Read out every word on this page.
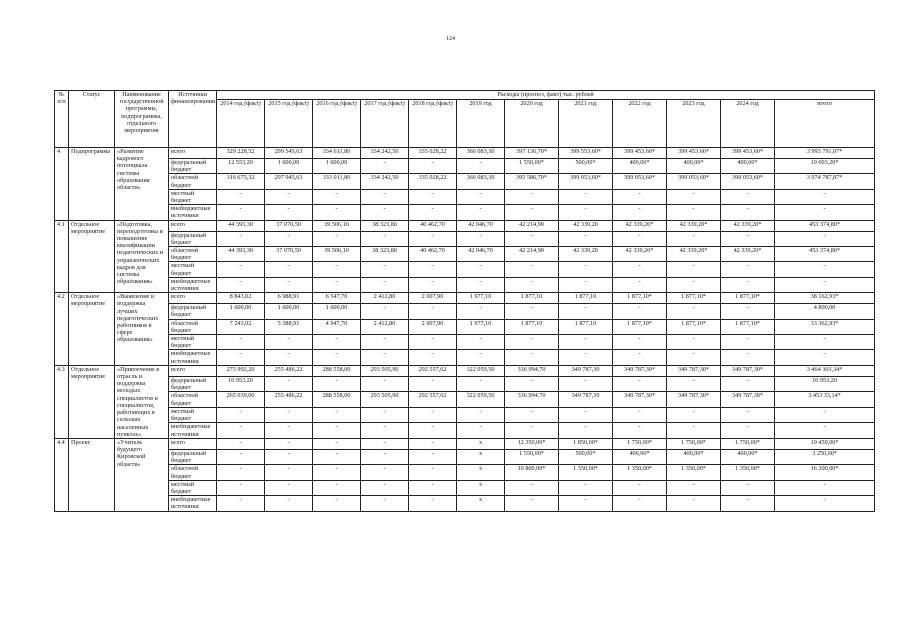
124
№ п/п	Статус	Наименование государственной программы, подпрограммы, отдельного мероприятия	Источники финансирования	Расходы (прогноз, факт) тыс. рублей											
				2014 год (факт)	2015 год (факт)	2016 год (факт)	2017 год (факт)	2018 год (факт)	2019 год	2020 год	2021 год	2022 год	2023 год	2024 год	итого
4	Подпрограмма	«Развитие кадрового потенциала системы образования области»	всего	329 228,52	299 545,63	334 611,80	334 242,50	335 028,22	366 083,30	397 136,70*	399 553,60*	399 453,60*	399 453,60*	399 453,60*	3 993 791,07*
			федеральный бюджет	12 553,20	1 600,00	1 600,00	-	-	-	1 550,00*	500,00*	400,00*	400,00*	400,00*	19 003,20*
			областной бюджет	316 675,32	297 945,63	333 011,80	334 242,50	335 028,22	366 083,30	395 586,70*	399 053,60*	399 053,60*	399 053,60*	399 053,60*	3 974 787,87*
			местный бюджет	-	-	-	-	-	-	-	-	-	-	-	-
			внебюджетные источники	-	-	-	-	-	-	-	-	-	-	-	-
4.1	Отдельное мероприятие	«Подготовка, переподготовка и повышение квалификации педагогических и управленческих кадров для системы образования»	всего	44 393,30	37 070,50	39 506,10	38 323,80	40 462,70	42 046,70	42 214,90	42 339,20	42 339,20*	42 339,20*	42 339,20*	453 374,80*
			федеральный бюджет	-	-	-	-	-	-	-	-	-	-	-	-
			областной бюджет	44 393,30	37 070,50	39 506,10	38 323,80	40 462,70	42 046,70	42 214,90	42 339,20	42 339,20*	42 339,20*	42 339,20*	453 374,80*
			местный бюджет	-	-	-	-	-	-	-	-	-	-	-	-
			внебюджетные источники	-	-	-	-	-	-	-	-	-	-	-	-
4.2	Отдельное мероприятие	«Выявление и поддержка лучших педагогических работников в сфере образования»	всего	8 843,02	6 988,91	6 547,70	2 412,80	2 007,90	1 977,10	1 877,10	1 877,10	1 877,10*	1 877,10*	1 877,10*	38 162,93*
			федеральный бюджет	1 600,00	1 600,00	1 600,00	-	-	-	-	-	-	-	-	4 800,00
			областной бюджет	7 243,02	5 388,91	4 947,70	2 412,80	2 007,90	1 977,10	1 877,10	1 877,10	1 877,10*	1 877,10*	1 877,10*	33 362,93*
			местный бюджет	-	-	-	-	-	-	-	-	-	-	-	-
			внебюджетные источники	-	-	-	-	-	-	-	-	-	-	-	-
4.3	Отдельное мероприятие	«Привлечение в отрасль и поддержка молодых специалистов и специалистов, работающих в сельских населенных пунктах»	всего	275 992,20	255 486,22	288 558,00	293 505,90	292 557,62	322 059,50	336 994,70	349 787,30	349 787,30*	349 787,30*	349 787,30*	3 464 303,34*
			федеральный бюджет	10 953,20	-	-	-	-	-	-	-	-	-	-	10 953,20
			областной бюджет	265 039,00	255 486,22	288 558,00	293 505,90	292 557,62	322 059,50	336 994,70	349 787,30	349 787,30*	349 787,30*	349 787,30*	3 453 33,14*
			местный бюджет	-	-	-	-	-	-	-	-	-	-	-	-
			внебюджетные источники	-	-	-	-	-	-	-	-	-	-	-	-
4.4	Проект	«Учитель будущего Кировской области»	всего	-	-	-	-	-	x	12 350,00*	1 850,00*	1 750,00*	1 750,00*	1 750,00*	19 450,00*
			федеральный бюджет	-	-	-	-	-	x	1 550,00*	500,00*	400,00*	400,00*	400,00*	3 250,00*
			областной бюджет	-	-	-	-	-	x	10 800,00*	1 350,00*	1 350,00*	1 350,00*	1 350,00*	16 200,00*
			местный бюджет	-	-	-	-	-	x	-	-	-	-	-	-
			внебюджетные источники	-	-	-	-	-	x	-	-	-	-	-	-
